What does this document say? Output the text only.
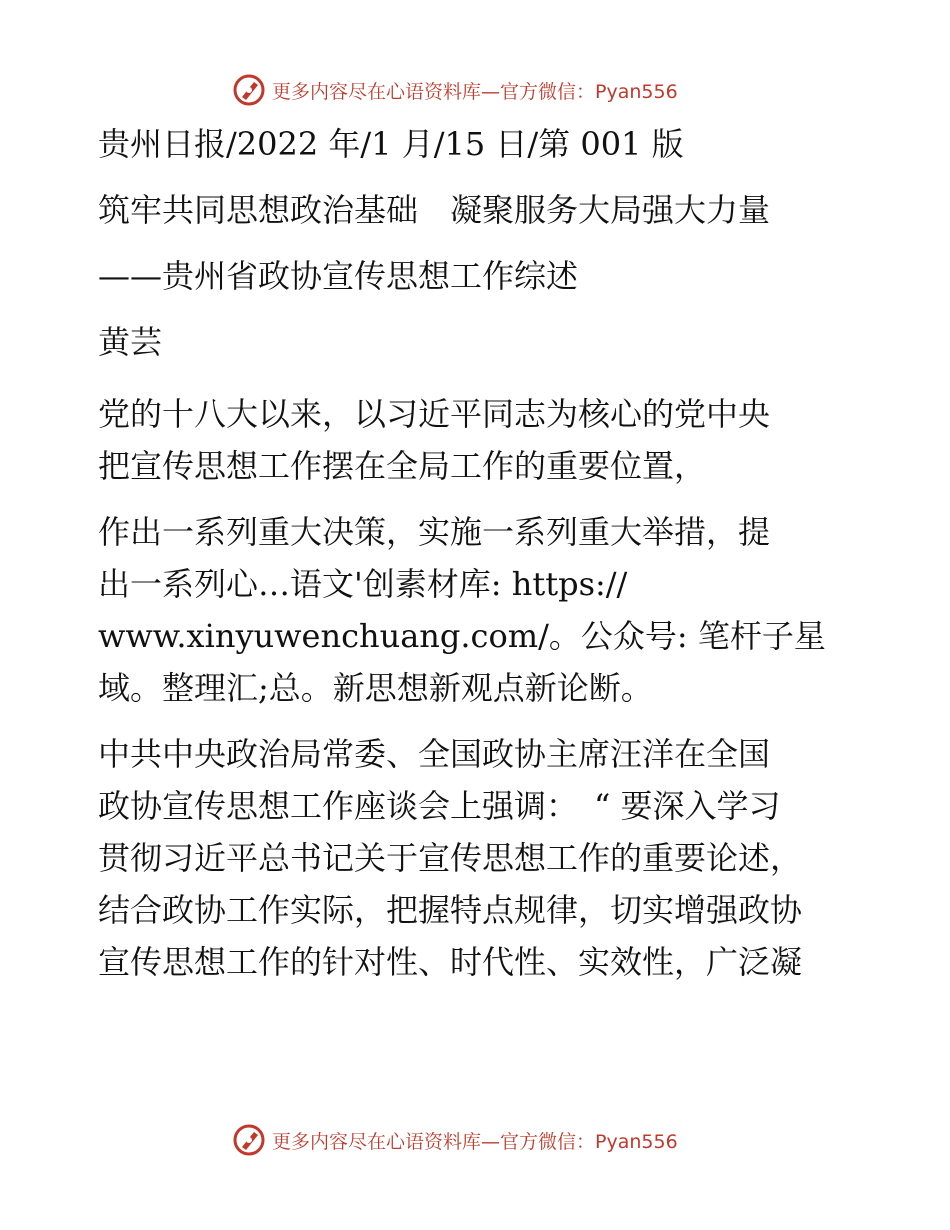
更多内容尽在心语资料库—官方微信：Pyan556

贵州日报/2022 年/1 月/15 日/第 001 版

筑牢共同思想政治基础　凝聚服务大局强大力量

——贵州省政协宣传思想工作综述

黄芸

党的十八大以来，以习近平同志为核心的党中央

把宣传思想工作摆在全局工作的重要位置，

作出一系列重大决策，实施一系列重大举措，提

出一系列心…语文'创素材库: https://

www.xinyuwenchuang.com/。公众号: 笔杆子星

域。整理汇;总。新思想新观点新论断。

中共中央政治局常委、全国政协主席汪洋在全国

政协宣传思想工作座谈会上强调：　“ 要深入学习

贯彻习近平总书记关于宣传思想工作的重要论述，

结合政协工作实际，把握特点规律，切实增强政协

宣传思想工作的针对性、时代性、实效性，广泛凝

更多内容尽在心语资料库—官方微信：Pyan556
